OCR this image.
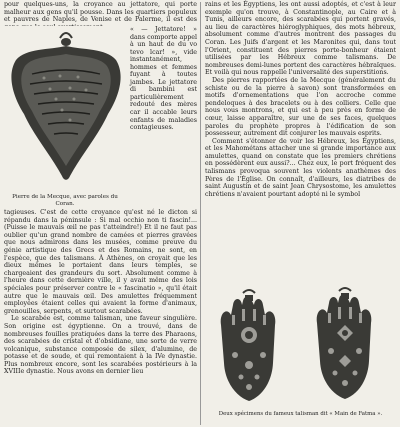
pour quelques-uns, la croyance au jettatore, qui porte malheur aux gens qu'il pousse. Dans les quartiers populeux et pauvres de Naples, de Venise et de Palerme, il est des

Pierre de la Mecque, avec paroles du Coran.

« — Jettatore! » dans comporte appel à un haut de du vo tevo lcar! », vide instantanément, hommes et femmes fuyant à toutes jambes. Le jettatore di bambini est particulièrement redouté des mères car il accable leurs enfants de maladies contagieuses.

tagieuses. C'est de cette croyance qu'est né le dicton si répandu dans la péninsule : Si mal occhio non ti fascin!... (Puisse le mauvais œil ne pas t'atteindre!) Et il ne faut pas oublier qu'un grand nombre de camées et pierres gravées que nous admirons dans les musées, comme preuve du génie artistique des Grecs et des Romains, ne sont, en l'espèce, que des talismans. À Athènes, on croyait que les dieux mêmes le portaient dans leurs temples, se chargeaient des grandeurs du sort. Absolument comme à l'heure dans cette dernière ville, il y avait même des lois spéciales pour préserver contre le « fascinatio », qu'il était autre que le mauvais œil. Des amulettes fréquemment employées étaient celles qui avaient la forme d'animaux, grenouilles, serpents, et surtout scarabées.

Le scarabée est, comme talisman, une faveur singulière. Son origine est égyptienne. On a trouvé, dans de nombreuses fouilles pratiquées dans la terre des Pharaons, des scarabées de cristal et d'obsidiane, une sorte de verre volcanique, substance composée de silex, d'alumine, de potasse et de soude, et qui remontaient à la IVe dynastie. Plus nombreux encore, sont les scarabées postérieurs à la XVIIIe dynastie. Nous avons en dernier lieu

rains et les Égyptiens, les ont aussi adoptés, et c'est à leur exemple qu'on trouve, à Constantinople, au Caire et à Tunis, ailleurs encore, des scarabées qui portent gravés, au lieu de caractères hiéroglyphiques, des mots hébreux, absolument comme d'autres montrent des passages du Coran. Les Juifs d'argent et les Maronites qui, dans tout l'Orient, constituent des pierres porte-bonheur étaient utilisées par les Hébreux comme talismans. De nombreuses demi-lunes portent des caractères hébraïques. Et voilà qui nous rappelle l'universalité des superstitions.

Des pierres rapportées de la Mecque (généralement du schiste ou de la pierre à savon) sont transformées en motifs d'ornementations que l'on accroche comme pendeloques à des bracelets ou à des colliers. Celle que nous vous montrons, et qui est à peu près en forme de cœur, laisse apparaître, sur une de ses faces, quelques paroles du prophète propres à l'édification de son possesseur, autrement dit conjurer les mauvais esprits.

Comment s'étonner de voir les Hébreux, les Égyptiens, et les Mahométans attacher une si grande importance aux amulettes, quand on constate que les premiers chrétiens en possédèrent eux aussi?... Chez eux, le port fréquent des talismans provoqua souvent les violents anathèmes des Pères de l'Église. On connaît, d'ailleurs, les diatribes de saint Augustin et de saint Jean Chrysostome, les amulettes chrétiens n'avaient pourtant adopté ni le symbol

Deux spécimens du fameux talisman dit « Main de Fatma ».
